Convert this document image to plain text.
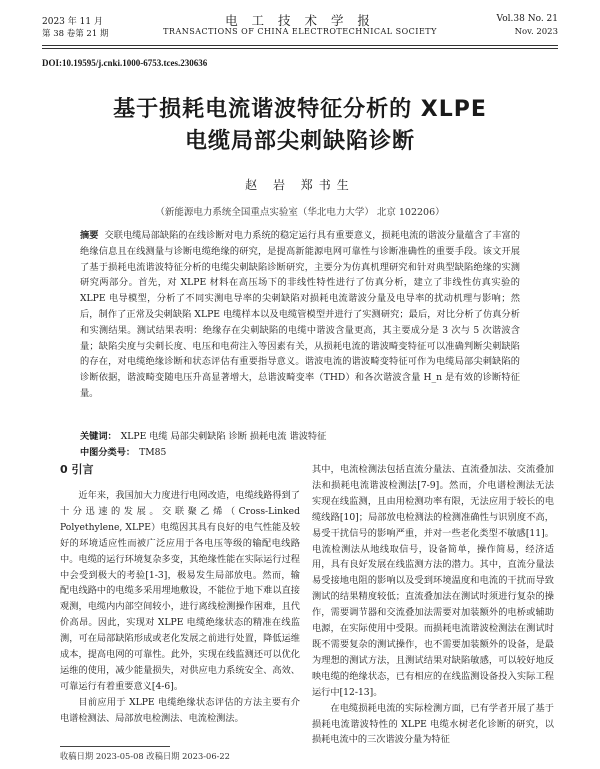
2023 年 11 月
第 38 卷第 21 期
电 工 技 术 学 报
TRANSACTIONS OF CHINA ELECTROTECHNICAL SOCIETY
Vol.38 No. 21
Nov. 2023
DOI:10.19595/j.cnki.1000-6753.tces.230636
基于损耗电流谐波特征分析的 XLPE
电缆局部尖刺缺陷诊断
赵 岩 郑书生
（新能源电力系统全国重点实验室（华北电力大学） 北京 102206）
摘要 交联电缆局部缺陷的在线诊断对电力系统的稳定运行具有重要意义，损耗电流的谐波分量蕴含了丰富的绝缘信息且在线测量与诊断电缆绝缘的研究，是提高新能源电网可靠性与诊断准确性的重要手段。该文开展了基于损耗电流谐波特征分析的电缆尖刺缺陷诊断研究，主要分为仿真机理研究和针对典型缺陷绝缘的实测研究两部分。首先，对 XLPE 材料在高压场下的非线性特性进行了仿真分析，建立了非线性仿真实验的 XLPE 电导模型，分析了不同实测电导率的尖刺缺陷对损耗电流谐波分量及电导率的扰动机理与影响；然后，制作了正常及尖刺缺陷 XLPE 电缆样本以及电缆管模型并进行了实测研究；最后，对比分析了仿真分析和实测结果。测试结果表明：绝缘存在尖刺缺陷的电缆中谐波含量更高，其主要成分是 3 次与 5 次谐波含量；缺陷尖度与尖刺长度、电压和电荷注入等因素有关，从损耗电流的谐波畸变特征可以准确判断尖刺缺陷的存在，对电缆绝缘诊断和状态评估有重要指导意义。谐波电流的谐波畸变特征可作为电缆局部尖刺缺陷的诊断依据，谐波畸变随电压升高显著增大，总谐波畸变率（THD）和各次谐波含量 H_n 是有效的诊断特征量。
关键词： XLPE 电缆 局部尖刺缺陷 诊断 损耗电流 谐波特征
中图分类号： TM85
0 引言

近年来，我国加大力度进行电网改造，电缆线路得到了十分迅速的发展。交联聚乙烯（Cross-Linked Polyethylene, XLPE）电缆因其具有良好的电气性能及较好的环境适应性而被广泛应用于各电压等级的输配电线路中。电缆的运行环境复杂多变，其绝缘性能在实际运行过程中会受到极大的考验[1-3]，极易发生局部放电。然而，输配电线路中的电缆多采用埋地敷设，不能位于地下难以直接观测，电缆内内部空间较小，进行离线检测操作困难，且代价高昂。因此，实现对 XLPE 电缆绝缘状态的精准在线监测，可在局部缺陷形成或老化发展之前进行处置，降低运维成本，提高电网的可靠性。此外，实现在线监测还可以优化运维的使用，减少能量损失，对供应电力系统安全、高效、可靠运行有着重要意义[4-6]。

目前应用于 XLPE 电缆绝缘状态评估的方法主要有介电谱检测法、局部放电检测法、电流检测法。

其中，电流检测法包括直流分量法、直流叠加法、交流叠加法和损耗电流谐波检测法[7-9]。然而，介电谱检测法无法实现在线监测，且由用检测功率有限，无法应用于较长的电缆线路[10]；局部放电检测法的检测准确性与识别度不高，易受干扰信号的影响严重，并对一些老化类型不敏感[11]。电流检测法从地线取信号，设备简单，操作简易，经济适用，具有良好发展在线监测方法的潜力。其中，直流分量法易受接地电阻的影响以及受到环境温度和电流的干扰而导致测试的结果精度较低；直流叠加法在测试时须进行复杂的操作，需要调节器和交流叠加法需要对加装额外的电桥或辅助电源，在实际使用中受限。而损耗电流谐波检测法在测试时既不需要复杂的测试操作，也不需要加装额外的设备，是最为理想的测试方法，且测试结果对缺陷敏感，可以较好地反映电缆的绝缘状态，已有相应的在线监测设备投入实际工程运行中[12-13]。

在电缆损耗电流的实际检测方面，已有学者开展了基于损耗电流谐波特性的 XLPE 电缆水树老化诊断的研究，以损耗电流中的三次谐波分量为特征

收稿日期 2023-05-08 改稿日期 2023-06-22
